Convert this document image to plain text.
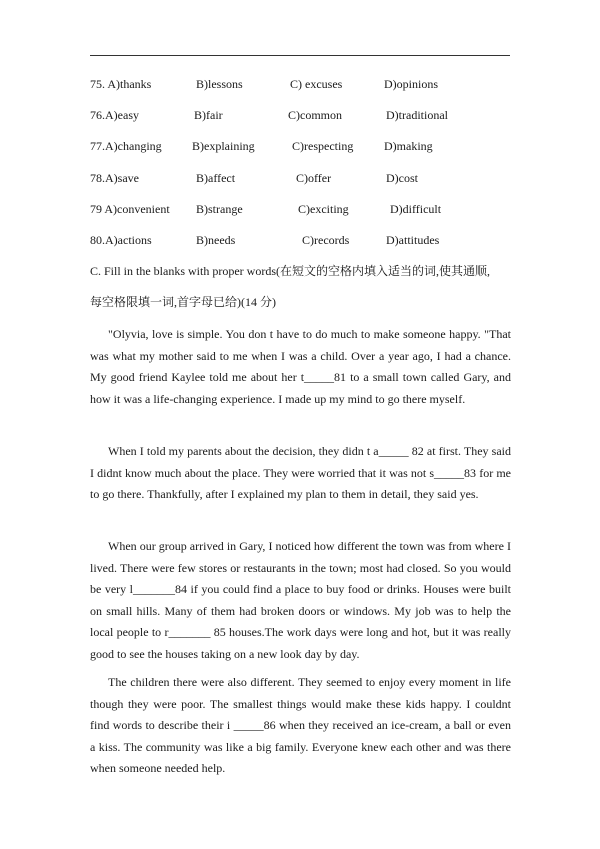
75. A)thanks	B)lessons	C) excuses	D)opinions
76.A)easy	B)fair	C)common	D)traditional
77.A)changing	B)explaining	C)respecting	D)making
78.A)save	B)affect	C)offer	D)cost
79 A)convenient B)strange	C)exciting	D)difficult
80.A)actions	B)needs	C)records	D)attitudes
C. Fill in the blanks with proper words(在短文的空格内填入适当的词,使其通顺,
每空格限填一词,首字母已给)(14 分)

"Olyvia, love is simple. You don t have to do much to make someone happy. "That was what my mother said to me when I was a child. Over a year ago, I had a chance. My good friend Kaylee told me about her t_____81 to a small town called Gary, and how it was a life-changing experience. I made up my mind to go there myself.

When I told my parents about the decision, they didn t a_____ 82 at first. They said I didnt know much about the place. They were worried that it was not s_____83 for me to go there. Thankfully, after I explained my plan to them in detail, they said yes.

When our group arrived in Gary, I noticed how different the town was from where I lived. There were few stores or restaurants in the town; most had closed. So you would be very l_______84 if you could find a place to buy food or drinks. Houses were built on small hills. Many of them had broken doors or windows. My job was to help the local people to r_______ 85 houses.The work days were long and hot, but it was really good to see the houses taking on a new look day by day.

The children there were also different. They seemed to enjoy every moment in life though they were poor. The smallest things would make these kids happy. I couldnt find words to describe their i _____86 when they received an ice-cream, a ball or even a kiss. The community was like a big family. Everyone knew each other and was there when someone needed help.
